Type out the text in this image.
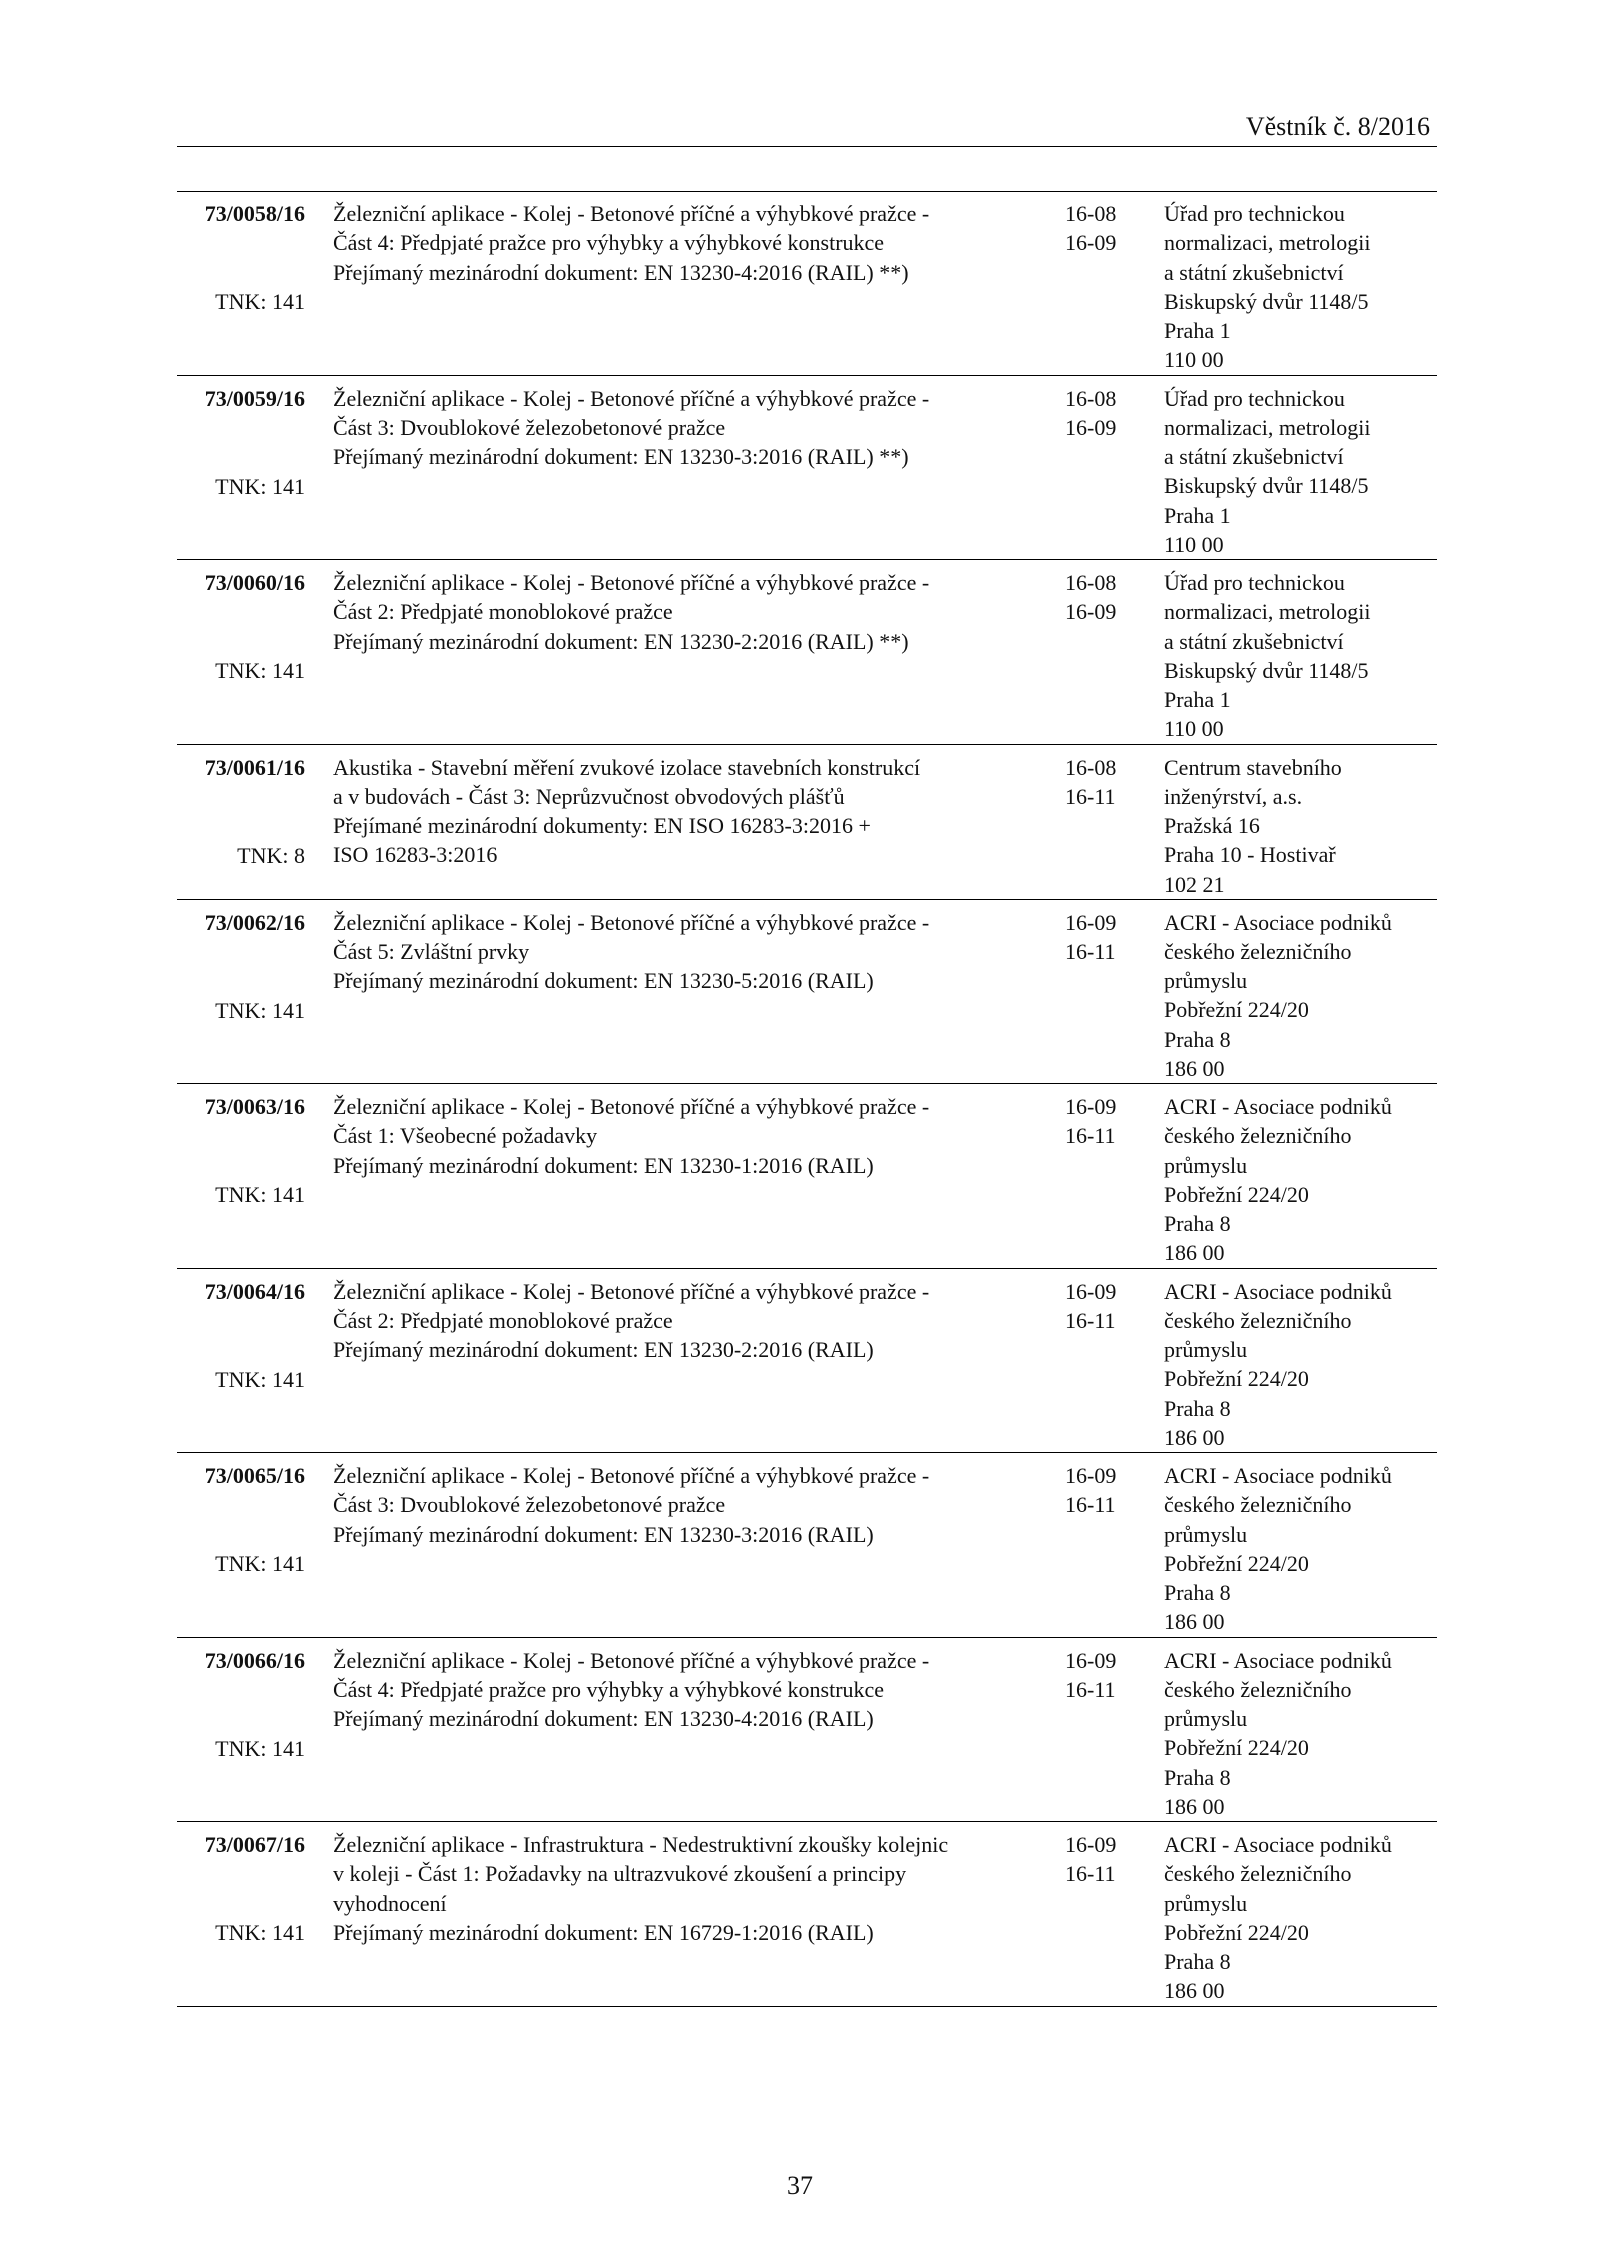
Věstník č. 8/2016
73/0058/16
TNK: 141
Železniční aplikace - Kolej - Betonové příčné a výhybkové pražce -
Část 4: Předpjaté pražce pro výhybky a výhybkové konstrukce
Přejímaný mezinárodní dokument: EN 13230-4:2016 (RAIL) **)
16-08
16-09
Úřad pro technickou
normalizaci, metrologii
a státní zkušebnictví
Biskupský dvůr 1148/5
Praha 1
110 00
73/0059/16
TNK: 141
Železniční aplikace - Kolej - Betonové příčné a výhybkové pražce -
Část 3: Dvoublokové železobetonové pražce
Přejímaný mezinárodní dokument: EN 13230-3:2016 (RAIL) **)
16-08
16-09
Úřad pro technickou
normalizaci, metrologii
a státní zkušebnictví
Biskupský dvůr 1148/5
Praha 1
110 00
73/0060/16
TNK: 141
Železniční aplikace - Kolej - Betonové příčné a výhybkové pražce -
Část 2: Předpjaté monoblokové pražce
Přejímaný mezinárodní dokument: EN 13230-2:2016 (RAIL) **)
16-08
16-09
Úřad pro technickou
normalizaci, metrologii
a státní zkušebnictví
Biskupský dvůr 1148/5
Praha 1
110 00
73/0061/16
TNK: 8
Akustika - Stavební měření zvukové izolace stavebních konstrukcí
a v budovách - Část 3: Neprůzvučnost obvodových plášťů
Přejímané mezinárodní dokumenty: EN ISO 16283-3:2016 +
ISO 16283-3:2016
16-08
16-11
Centrum stavebního
inženýrství, a.s.
Pražská 16
Praha 10 - Hostivař
102 21
73/0062/16
TNK: 141
Železniční aplikace - Kolej - Betonové příčné a výhybkové pražce -
Část 5: Zvláštní prvky
Přejímaný mezinárodní dokument: EN 13230-5:2016 (RAIL)
16-09
16-11
ACRI - Asociace podniků
českého železničního
průmyslu
Pobřežní 224/20
Praha 8
186 00
73/0063/16
TNK: 141
Železniční aplikace - Kolej - Betonové příčné a výhybkové pražce -
Část 1: Všeobecné požadavky
Přejímaný mezinárodní dokument: EN 13230-1:2016 (RAIL)
16-09
16-11
ACRI - Asociace podniků
českého železničního
průmyslu
Pobřežní 224/20
Praha 8
186 00
73/0064/16
TNK: 141
Železniční aplikace - Kolej - Betonové příčné a výhybkové pražce -
Část 2: Předpjaté monoblokové pražce
Přejímaný mezinárodní dokument: EN 13230-2:2016 (RAIL)
16-09
16-11
ACRI - Asociace podniků
českého železničního
průmyslu
Pobřežní 224/20
Praha 8
186 00
73/0065/16
TNK: 141
Železniční aplikace - Kolej - Betonové příčné a výhybkové pražce -
Část 3: Dvoublokové železobetonové pražce
Přejímaný mezinárodní dokument: EN 13230-3:2016 (RAIL)
16-09
16-11
ACRI - Asociace podniků
českého železničního
průmyslu
Pobřežní 224/20
Praha 8
186 00
73/0066/16
TNK: 141
Železniční aplikace - Kolej - Betonové příčné a výhybkové pražce -
Část 4: Předpjaté pražce pro výhybky a výhybkové konstrukce
Přejímaný mezinárodní dokument: EN 13230-4:2016 (RAIL)
16-09
16-11
ACRI - Asociace podniků
českého železničního
průmyslu
Pobřežní 224/20
Praha 8
186 00
73/0067/16
TNK: 141
Železniční aplikace - Infrastruktura - Nedestruktivní zkoušky kolejnic
v koleji - Část 1: Požadavky na ultrazvukové zkoušení a principy
vyhodnocení
Přejímaný mezinárodní dokument: EN 16729-1:2016 (RAIL)
16-09
16-11
ACRI - Asociace podniků
českého železničního
průmyslu
Pobřežní 224/20
Praha 8
186 00
37
